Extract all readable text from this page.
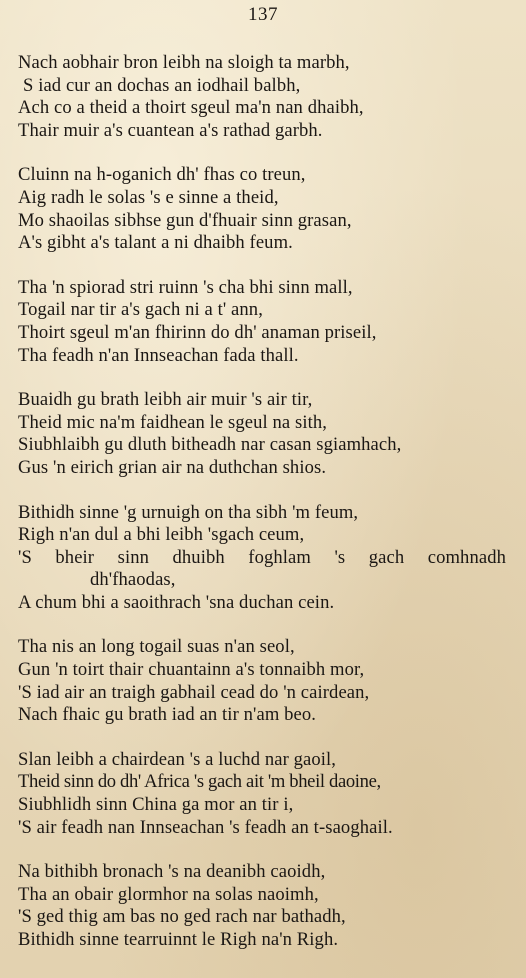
137
Nach aobhair bron leibh na sloigh ta marbh,
S iad cur an dochas an iodhail balbh,
Ach co a theid a thoirt sgeul ma'n nan dhaibh,
Thair muir a's cuantean a's rathad garbh.
Cluinn na h-oganich dh' fhas co treun,
Aig radh le solas 's e sinne a theid,
Mo shaoilas sibhse gun d'fhuair sinn grasan,
A's gibht a's talant a ni dhaibh feum.
Tha 'n spiorad stri ruinn 's cha bhi sinn mall,
Togail nar tir a's gach ni a t' ann,
Thoirt sgeul m'an fhirinn do dh' anaman priseil,
Tha feadh n'an Innseachan fada thall.
Buaidh gu brath leibh air muir 's air tir,
Theid mic na'm faidhean le sgeul na sith,
Siubhlaibh gu dluth bitheadh nar casan sgiamhach,
Gus 'n eirich grian air na duthchan shios.
Bithidh sinne 'g urnuigh on tha sibh 'm feum,
Righ n'an dul a bhi leibh 'sgach ceum,
'S bheir sinn dhuibh foghlam 's gach comhnadh
dh'fhaodas,
A chum bhi a saoithrach 'sna duchan cein.
Tha nis an long togail suas n'an seol,
Gun 'n toirt thair chuantainn a's tonnaibh mor,
'S iad air an traigh gabhail cead do 'n cairdean,
Nach fhaic gu brath iad an tir n'am beo.
Slan leibh a chairdean 's a luchd nar gaoil,
Theid sinn do dh' Africa 's gach ait 'm bheil daoine,
Siubhlidh sinn China ga mor an tir i,
'S air feadh nan Innseachan 's feadh an t-saoghail.
Na bithibh bronach 's na deanibh caoidh,
Tha an obair glormhor na solas naoimh,
'S ged thig am bas no ged rach nar bathadh,
Bithidh sinne tearruinnt le Righ na'n Righ.
